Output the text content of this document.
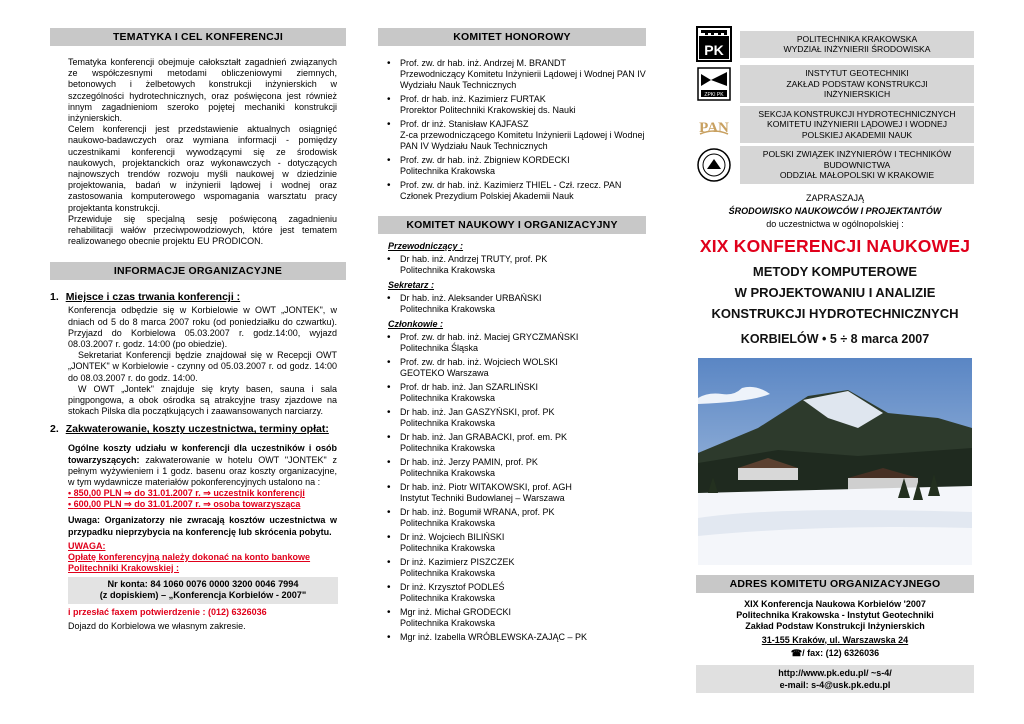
TEMATYKA I CEL KONFERENCJI
Tematyka konferencji obejmuje całokształt zagadnień związanych ze współczesnymi metodami obliczeniowymi ziemnych, betonowych i żelbetowych konstrukcji inżynierskich w szczególności hydrotechnicznych, oraz poświęcona jest również innym zagadnieniom szeroko pojętej mechaniki konstrukcji inżynierskich.
Celem konferencji jest przedstawienie aktualnych osiągnięć naukowo-badawczych oraz wymiana informacji - pomiędzy uczestnikami konferencji wywodzącymi się ze środowisk naukowych, projektanckich oraz wykonawczych - dotyczących najnowszych trendów rozwoju myśli naukowej w dziedzinie projektowania, badań w inżynierii lądowej i wodnej oraz zastosowania komputerowego wspomagania warsztatu pracy projektanta konstrukcji.
Przewiduje się specjalną sesję poświęconą zagadnieniu rehabilitacji wałów przeciwpowodziowych, które jest tematem realizowanego obecnie projektu EU PRODICON.
INFORMACJE ORGANIZACYJNE
1. Miejsce i czas trwania konferencji :
Konferencja odbędzie się w Korbielowie w OWT „JONTEK", w dniach od 5 do 8 marca 2007 roku (od poniedziałku do czwartku). Przyjazd do Korbielowa 05.03.2007 r. godz.14:00, wyjazd 08.03.2007 r. godz. 14:00 (po obiedzie).
Sekretariat Konferencji będzie znajdował się w Recepcji OWT „JONTEK" w Korbielowie - czynny od 05.03.2007 r. od godz. 14:00 do 08.03.2007 r. do godz. 14:00.
W OWT „Jontek" znajduje się kryty basen, sauna i sala pingpongowa, a obok ośrodka są atrakcyjne trasy zjazdowe na stokach Pilska dla początkujących i zaawansowanych narciarzy.
2. Zakwaterowanie, koszty uczestnictwa, terminy opłat:
Ogólne koszty udziału w konferencji dla uczestników i osób towarzyszących: zakwaterowanie w hotelu OWT "JONTEK" z pełnym wyżywieniem i 1 godz. basenu oraz koszty organizacyjne, w tym wydawnicze materiałów pokonferencyjnych ustalono na :
• 850,00 PLN ⇒ do 31.01.2007 r. ⇒ uczestnik konferencji
• 600,00 PLN ⇒ do 31.01.2007 r. ⇒ osoba towarzysząca
Uwaga: Organizatorzy nie zwracają kosztów uczestnictwa w przypadku nieprzybycia na konferencję lub skrócenia pobytu.
UWAGA:
Opłatę konferencyjną należy dokonać na konto bankowe Politechniki Krakowskiej :
Nr konta: 84 1060 0076 0000 3200 0046 7994
(z dopiskiem) – „Konferencja Korbielów - 2007"
i przesłać faxem potwierdzenie : (012) 6326036
Dojazd do Korbielowa we własnym zakresie.
KOMITET HONOROWY
• Prof. zw. dr hab. inż. Andrzej M. BRANDT
Przewodniczący Komitetu Inżynierii Lądowej i Wodnej PAN IV Wydziału Nauk Technicznych
• Prof. dr hab. inż. Kazimierz FURTAK
Prorektor Politechniki Krakowskiej ds. Nauki
• Prof. dr inż. Stanisław KAJFASZ
Z-ca przewodniczącego Komitetu Inżynierii Lądowej i Wodnej PAN IV Wydziału Nauk Technicznych
• Prof. zw. dr hab. inż. Zbigniew KORDECKI
Politechnika Krakowska
• Prof. zw. dr hab. inż. Kazimierz THIEL - Czł. rzecz. PAN
Członek Prezydium Polskiej Akademii Nauk
KOMITET NAUKOWY I ORGANIZACYJNY
Przewodniczący :
• Dr hab. inż. Andrzej TRUTY, prof. PK
Politechnika Krakowska
Sekretarz :
• Dr hab. inż. Aleksander URBAŃSKI
Politechnika Krakowska
Członkowie :
• Prof. zw. dr hab. inż. Maciej GRYCZMAŃSKI
Politechnika Śląska
• Prof. zw. dr hab. inż. Wojciech WOLSKI
GEOTEKO Warszawa
• Prof. dr hab. inż. Jan SZARLIŃSKI
Politechnika Krakowska
• Dr hab. inż. Jan GASZYŃSKI, prof. PK
Politechnika Krakowska
• Dr hab. inż. Jan GRABACKI, prof. em. PK
Politechnika Krakowska
• Dr hab. inż. Jerzy PAMIN, prof. PK
Politechnika Krakowska
• Dr hab. inż. Piotr WITAKOWSKI, prof. AGH
Instytut Techniki Budowlanej – Warszawa
• Dr hab. inż. Bogumił WRANA, prof. PK
Politechnika Krakowska
• Dr inż. Wojciech BILIŃSKI
Politechnika Krakowska
• Dr inż. Kazimierz PISZCZEK
Politechnika Krakowska
• Dr inż. Krzysztof PODLEŚ
Politechnika Krakowska
• Mgr inż. Michał GRODECKI
Politechnika Krakowska
• Mgr inż. Izabella WRÓBLEWSKA-ZAJĄC – PK
PK
POLITECHNIKA KRAKOWSKA
WYDZIAŁ INŻYNIERII ŚRODOWISKA
ZPKI PK
INSTYTUT GEOTECHNIKI
ZAKŁAD PODSTAW KONSTRUKCJI
INŻYNIERSKICH
PAN
SEKCJA KONSTRUKCJI HYDROTECHNICZNYCH
KOMITETU INŻYNIERII LĄDOWEJ I WODNEJ
POLSKIEJ AKADEMII NAUK
POLSKI ZWIĄZEK INŻYNIERÓW I TECHNIKÓW
BUDOWNICTWA
ODDZIAŁ MAŁOPOLSKI W KRAKOWIE
ZAPRASZAJĄ
ŚRODOWISKO NAUKOWCÓW I PROJEKTANTÓW
do uczestnictwa w ogólnopolskiej :
XIX KONFERENCJI NAUKOWEJ
METODY KOMPUTEROWE
W PROJEKTOWANIU I ANALIZIE
KONSTRUKCJI HYDROTECHNICZNYCH
KORBIELÓW • 5 ÷ 8 marca 2007
ADRES KOMITETU ORGANIZACYJNEGO
XIX Konferencja Naukowa Korbielów '2007
Politechnika Krakowska - Instytut Geotechniki
Zakład Podstaw Konstrukcji Inżynierskich
31-155 Kraków, ul. Warszawska 24
☎/ fax: (12) 6326036
http://www.pk.edu.pl/ ~s-4/
e-mail: s-4@usk.pk.edu.pl
